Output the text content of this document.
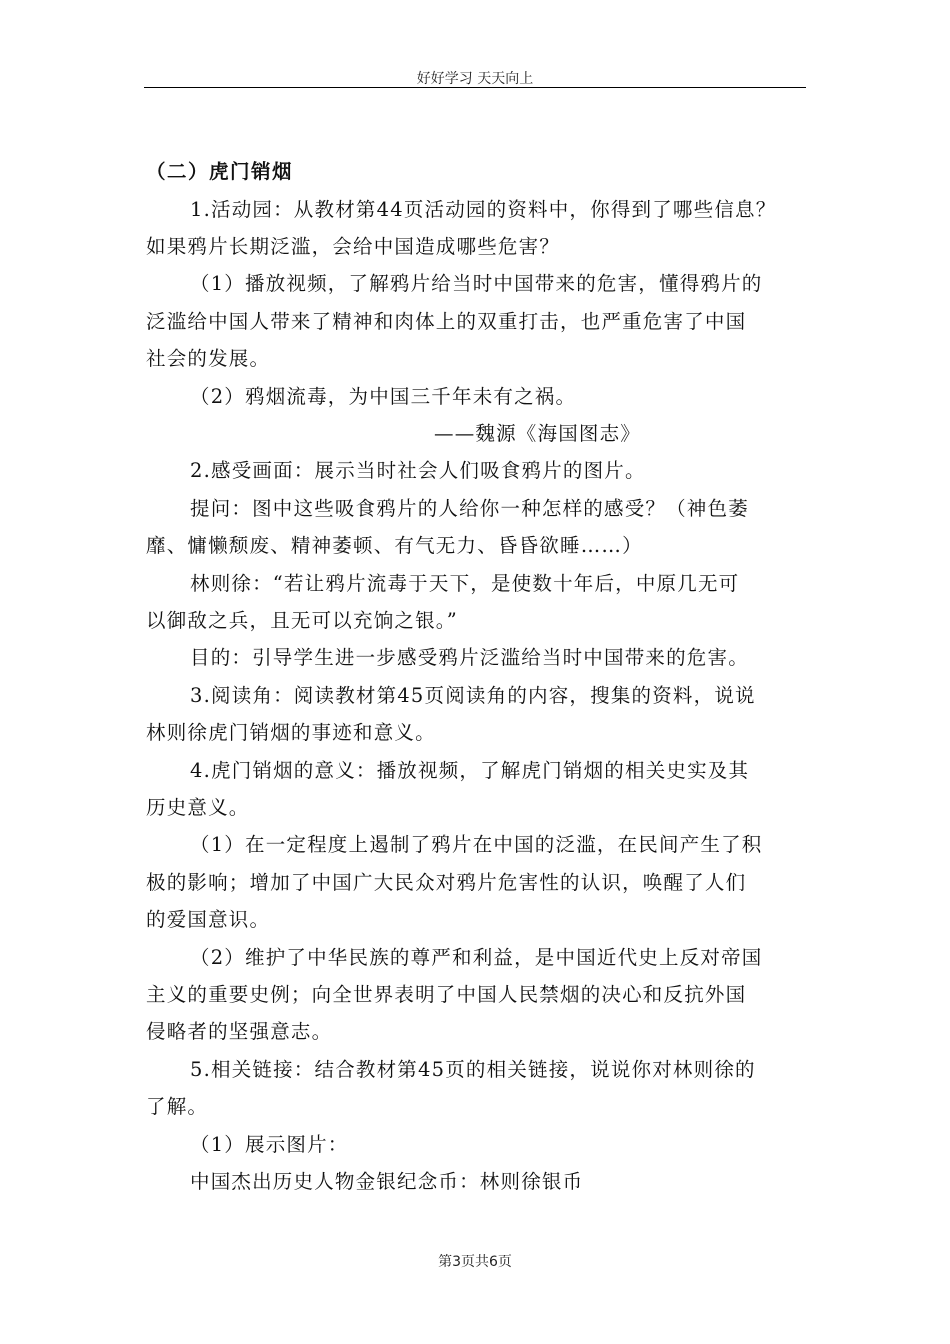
好好学习 天天向上
（二）虎门销烟
1.活动园：从教材第44页活动园的资料中，你得到了哪些信息？
如果鸦片长期泛滥，会给中国造成哪些危害？
（1）播放视频，了解鸦片给当时中国带来的危害，懂得鸦片的
泛滥给中国人带来了精神和肉体上的双重打击，也严重危害了中国
社会的发展。
（2）鸦烟流毒，为中国三千年未有之祸。
——魏源《海国图志》
2.感受画面：展示当时社会人们吸食鸦片的图片。
提问：图中这些吸食鸦片的人给你一种怎样的感受？（神色萎
靡、慵懒颓废、精神萎顿、有气无力、昏昏欲睡……）
林则徐：“若让鸦片流毒于天下，是使数十年后，中原几无可
以御敌之兵，且无可以充饷之银。”
目的：引导学生进一步感受鸦片泛滥给当时中国带来的危害。
3.阅读角：阅读教材第45页阅读角的内容，搜集的资料，说说
林则徐虎门销烟的事迹和意义。
4.虎门销烟的意义：播放视频，了解虎门销烟的相关史实及其
历史意义。
（1）在一定程度上遏制了鸦片在中国的泛滥，在民间产生了积
极的影响；增加了中国广大民众对鸦片危害性的认识，唤醒了人们
的爱国意识。
（2）维护了中华民族的尊严和利益，是中国近代史上反对帝国
主义的重要史例；向全世界表明了中国人民禁烟的决心和反抗外国
侵略者的坚强意志。
5.相关链接：结合教材第45页的相关链接，说说你对林则徐的
了解。
（1）展示图片：
中国杰出历史人物金银纪念币：林则徐银币
第3页共6页
